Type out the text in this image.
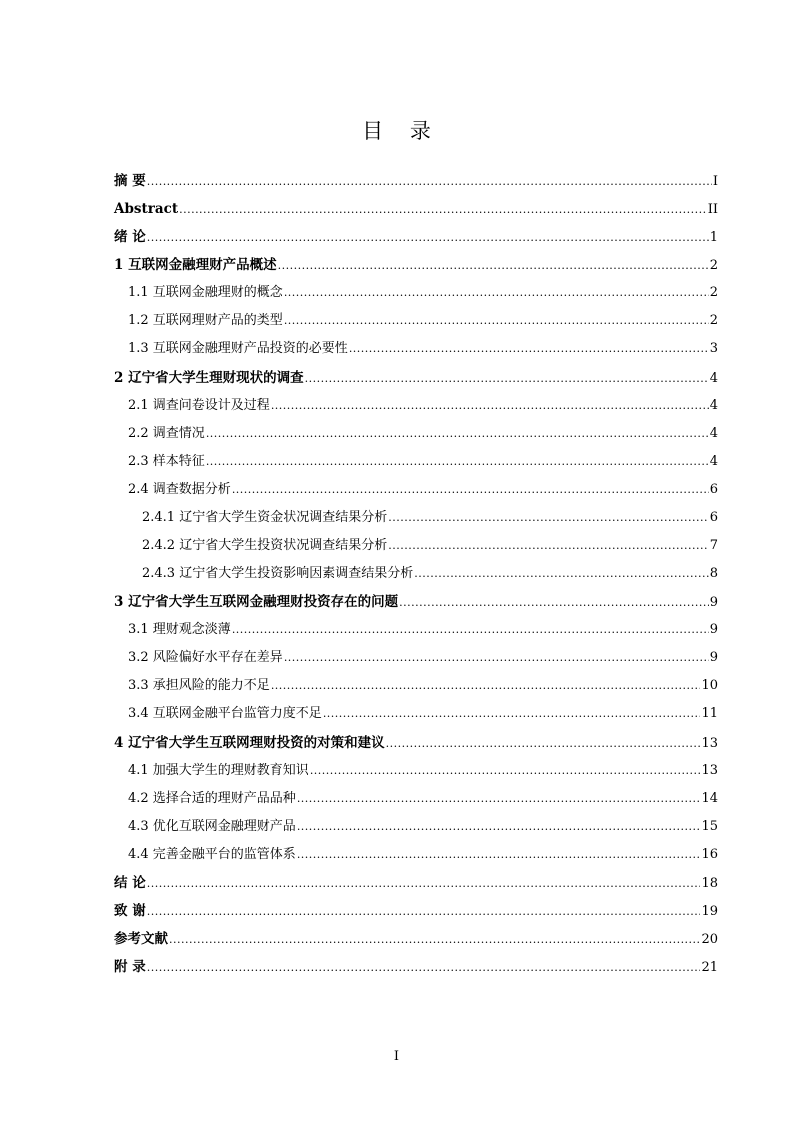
目 录
摘 要 .....	I
Abstract .....	II
绪 论 .....	1
1 互联网金融理财产品概述 .....	2
1.1 互联网金融理财的概念 .....	2
1.2 互联网理财产品的类型 .....	2
1.3 互联网金融理财产品投资的必要性 .....	3
2 辽宁省大学生理财现状的调查 .....	4
2.1 调查问卷设计及过程 .....	4
2.2 调查情况 .....	4
2.3 样本特征 .....	4
2.4 调查数据分析 .....	6
2.4.1 辽宁省大学生资金状况调查结果分析 .....	6
2.4.2 辽宁省大学生投资状况调查结果分析 .....	7
2.4.3 辽宁省大学生投资影响因素调查结果分析 .....	8
3 辽宁省大学生互联网金融理财投资存在的问题 .....	9
3.1 理财观念淡薄 .....	9
3.2 风险偏好水平存在差异 .....	9
3.3 承担风险的能力不足 .....	10
3.4 互联网金融平台监管力度不足 .....	11
4 辽宁省大学生互联网理财投资的对策和建议 .....	13
4.1 加强大学生的理财教育知识 .....	13
4.2 选择合适的理财产品品种 .....	14
4.3 优化互联网金融理财产品 .....	15
4.4 完善金融平台的监管体系 .....	16
结 论 .....	18
致 谢 .....	19
参考文献 .....	20
附 录 .....	21
I
